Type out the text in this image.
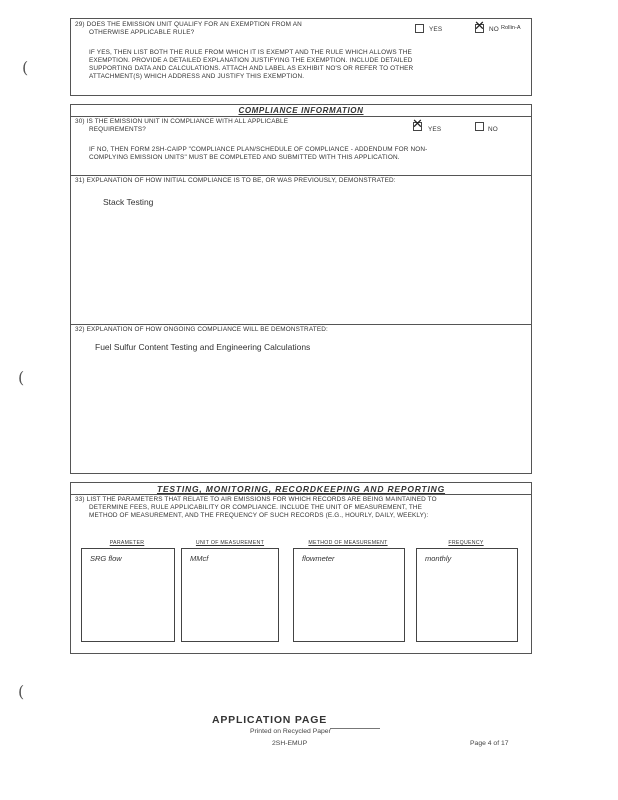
(
(
(
29) DOES THE EMISSION UNIT QUALIFY FOR AN EXEMPTION FROM AN
OTHERWISE APPLICABLE RULE?	YES ✕ NO Rollin-A
IF YES, THEN LIST BOTH THE RULE FROM WHICH IT IS EXEMPT AND THE RULE WHICH ALLOWS THE
EXEMPTION. PROVIDE A DETAILED EXPLANATION JUSTIFYING THE EXEMPTION. INCLUDE DETAILED
SUPPORTING DATA AND CALCULATIONS. ATTACH AND LABEL AS EXHIBIT NO'S OR REFER TO OTHER
ATTACHMENT(S) WHICH ADDRESS AND JUSTIFY THIS EXEMPTION.
COMPLIANCE INFORMATION
30) IS THE EMISSION UNIT IN COMPLIANCE WITH ALL APPLICABLE
REQUIREMENTS?	✕ YES	NO
IF NO, THEN FORM 2SH-CAIPP "COMPLIANCE PLAN/SCHEDULE OF COMPLIANCE - ADDENDUM FOR NON-
COMPLYING EMISSION UNITS" MUST BE COMPLETED AND SUBMITTED WITH THIS APPLICATION.
31) EXPLANATION OF HOW INITIAL COMPLIANCE IS TO BE, OR WAS PREVIOUSLY, DEMONSTRATED:
Stack Testing
32) EXPLANATION OF HOW ONGOING COMPLIANCE WILL BE DEMONSTRATED:
Fuel Sulfur Content Testing and Engineering Calculations
TESTING, MONITORING, RECORDKEEPING AND REPORTING
33) LIST THE PARAMETERS THAT RELATE TO AIR EMISSIONS FOR WHICH RECORDS ARE BEING MAINTAINED TO
DETERMINE FEES, RULE APPLICABILITY OR COMPLIANCE. INCLUDE THE UNIT OF MEASUREMENT, THE
METHOD OF MEASUREMENT, AND THE FREQUENCY OF SUCH RECORDS (E.G., HOURLY, DAILY, WEEKLY):
PARAMETER	UNIT OF MEASUREMENT	METHOD OF MEASUREMENT	FREQUENCY
SRG flow	MMcf	flowmeter	monthly
APPLICATION PAGE
Printed on Recycled Paper
2SH-EMUP	Page 4 of 17
